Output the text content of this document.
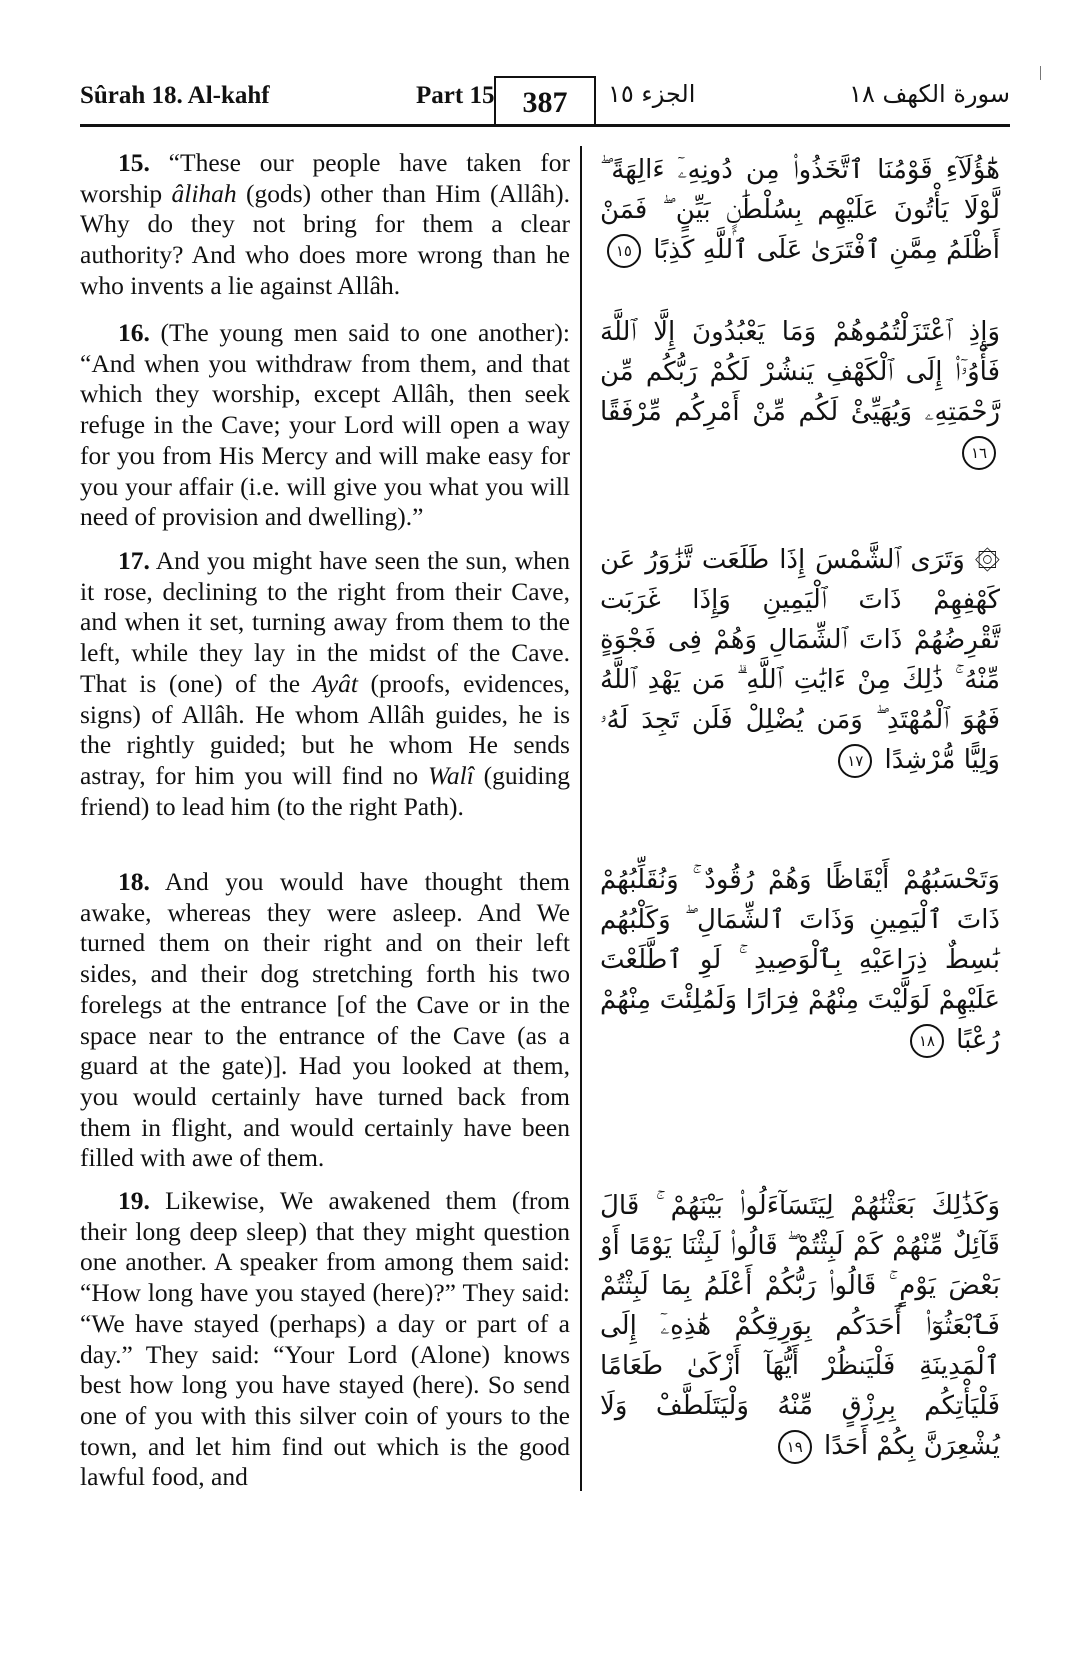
Sûrah 18. Al-kahf	Part 15 387	الجزء ١٥	سورة الكهف ١٨

15. “These our people have taken for worship âlihah (gods) other than Him (Allâh). Why do they not bring for them a clear authority? And who does more wrong than he who invents a lie against Allâh.

16. (The young men said to one another): “And when you withdraw from them, and that which they worship, except Allâh, then seek refuge in the Cave; your Lord will open a way for you from His Mercy and will make easy for you your affair (i.e. will give you what you will need of provision and dwelling).”

17. And you might have seen the sun, when it rose, declining to the right from their Cave, and when it set, turning away from them to the left, while they lay in the midst of the Cave. That is (one) of the Ayât (proofs, evidences, signs) of Allâh. He whom Allâh guides, he is the rightly guided; but he whom He sends astray, for him you will find no Walî (guiding friend) to lead him (to the right Path).

18. And you would have thought them awake, whereas they were asleep. And We turned them on their right and on their left sides, and their dog stretching forth his two forelegs at the entrance [of the Cave or in the space near to the entrance of the Cave (as a guard at the gate)]. Had you looked at them, you would certainly have turned back from them in flight, and would certainly have been filled with awe of them.

19. Likewise, We awakened them (from their long deep sleep) that they might question one another. A speaker from among them said: “How long have you stayed (here)?” They said: “We have stayed (perhaps) a day or part of a day.” They said: “Your Lord (Alone) knows best how long you have stayed (here). So send one of you with this silver coin of yours to the town, and let him find out which is the good lawful food, and

هَٰٓؤُلَآءِ قَوْمُنَا ٱتَّخَذُوا۟ مِن دُونِهِۦٓ ءَالِهَةً ۖ لَّوْلَا يَأْتُونَ عَلَيْهِم بِسُلْطَٰنٍۭ بَيِّنٍ ۖ فَمَنْ أَظْلَمُ مِمَّنِ ٱفْتَرَىٰ عَلَى ٱللَّهِ كَذِبًا ١٥
وَإِذِ ٱعْتَزَلْتُمُوهُمْ وَمَا يَعْبُدُونَ إِلَّا ٱللَّهَ فَأْوُۥٓا۟ إِلَى ٱلْكَهْفِ يَنشُرْ لَكُمْ رَبُّكُم مِّن رَّحْمَتِهِۦ وَيُهَيِّئْ لَكُم مِّنْ أَمْرِكُم مِّرْفَقًا ١٦
۞ وَتَرَى ٱلشَّمْسَ إِذَا طَلَعَت تَّزَٰوَرُ عَن كَهْفِهِمْ ذَاتَ ٱلْيَمِينِ وَإِذَا غَرَبَت تَّقْرِضُهُمْ ذَاتَ ٱلشِّمَالِ وَهُمْ فِى فَجْوَةٍ مِّنْهُ ۚ ذَٰلِكَ مِنْ ءَايَٰتِ ٱللَّهِ ۗ مَن يَهْدِ ٱللَّهُ فَهُوَ ٱلْمُهْتَدِ ۖ وَمَن يُضْلِلْ فَلَن تَجِدَ لَهُۥ وَلِيًّا مُّرْشِدًا ١٧
وَتَحْسَبُهُمْ أَيْقَاظًا وَهُمْ رُقُودٌ ۚ وَنُقَلِّبُهُمْ ذَاتَ ٱلْيَمِينِ وَذَاتَ ٱلشِّمَالِ ۖ وَكَلْبُهُم بَٰسِطٌ ذِرَاعَيْهِ بِٱلْوَصِيدِ ۚ لَوِ ٱطَّلَعْتَ عَلَيْهِمْ لَوَلَّيْتَ مِنْهُمْ فِرَارًا وَلَمُلِئْتَ مِنْهُمْ رُعْبًا ١٨
وَكَذَٰلِكَ بَعَثْنَٰهُمْ لِيَتَسَآءَلُوا۟ بَيْنَهُمْ ۚ قَالَ قَآئِلٌ مِّنْهُمْ كَمْ لَبِثْتُمْ ۖ قَالُوا۟ لَبِثْنَا يَوْمًا أَوْ بَعْضَ يَوْمٍ ۚ قَالُوا۟ رَبُّكُمْ أَعْلَمُ بِمَا لَبِثْتُمْ فَٱبْعَثُوٓا۟ أَحَدَكُم بِوَرِقِكُمْ هَٰذِهِۦٓ إِلَى ٱلْمَدِينَةِ فَلْيَنظُرْ أَيُّهَآ أَزْكَىٰ طَعَامًا فَلْيَأْتِكُم بِرِزْقٍ مِّنْهُ وَلْيَتَلَطَّفْ وَلَا يُشْعِرَنَّ بِكُمْ أَحَدًا ١٩
